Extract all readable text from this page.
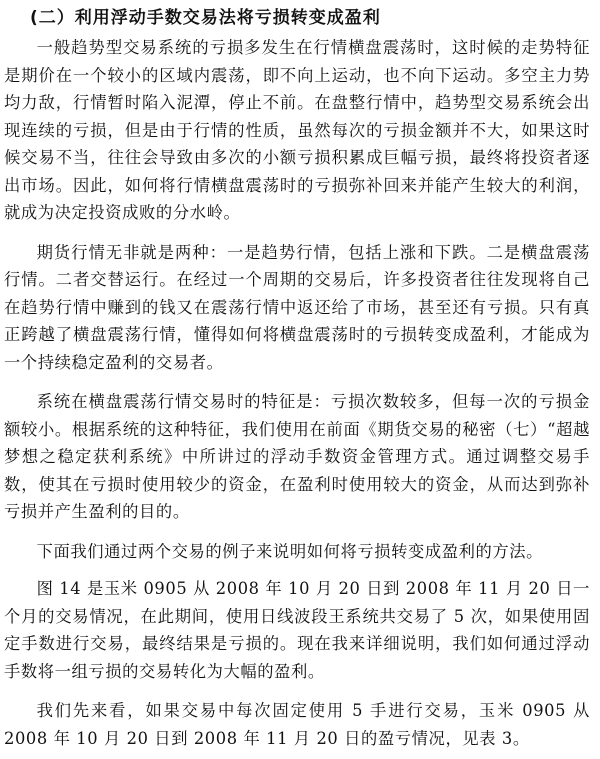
(二）利用浮动手数交易法将亏损转变成盈利

一般趋势型交易系统的亏损多发生在行情横盘震荡时，这时候的走势特征是期价在一个较小的区域内震荡，即不向上运动，也不向下运动。多空主力势均力敌，行情暂时陷入泥潭，停止不前。在盘整行情中，趋势型交易系统会出现连续的亏损，但是由于行情的性质，虽然每次的亏损金额并不大，如果这时候交易不当，往往会导致由多次的小额亏损积累成巨幅亏损，最终将投资者逐出市场。因此，如何将行情横盘震荡时的亏损弥补回来并能产生较大的利润，就成为决定投资成败的分水岭。

期货行情无非就是两种：一是趋势行情，包括上涨和下跌。二是横盘震荡行情。二者交替运行。在经过一个周期的交易后，许多投资者往往发现将自己在趋势行情中赚到的钱又在震荡行情中返还给了市场，甚至还有亏损。只有真正跨越了横盘震荡行情，懂得如何将横盘震荡时的亏损转变成盈利，才能成为一个持续稳定盈利的交易者。

系统在横盘震荡行情交易时的特征是：亏损次数较多，但每一次的亏损金额较小。根据系统的这种特征，我们使用在前面《期货交易的秘密（七）“超越梦想之稳定获利系统》中所讲过的浮动手数资金管理方式。通过调整交易手数，使其在亏损时使用较少的资金，在盈利时使用较大的资金，从而达到弥补亏损并产生盈利的目的。

下面我们通过两个交易的例子来说明如何将亏损转变成盈利的方法。

图 14 是玉米 0905 从 2008 年 10 月 20 日到 2008 年 11 月 20 日一个月的交易情况，在此期间，使用日线波段王系统共交易了 5 次，如果使用固定手数进行交易，最终结果是亏损的。现在我来详细说明，我们如何通过浮动手数将一组亏损的交易转化为大幅的盈利。

我们先来看，如果交易中每次固定使用 5 手进行交易，玉米 0905 从 2008 年 10 月 20 日到 2008 年 11 月 20 日的盈亏情况，见表 3。
